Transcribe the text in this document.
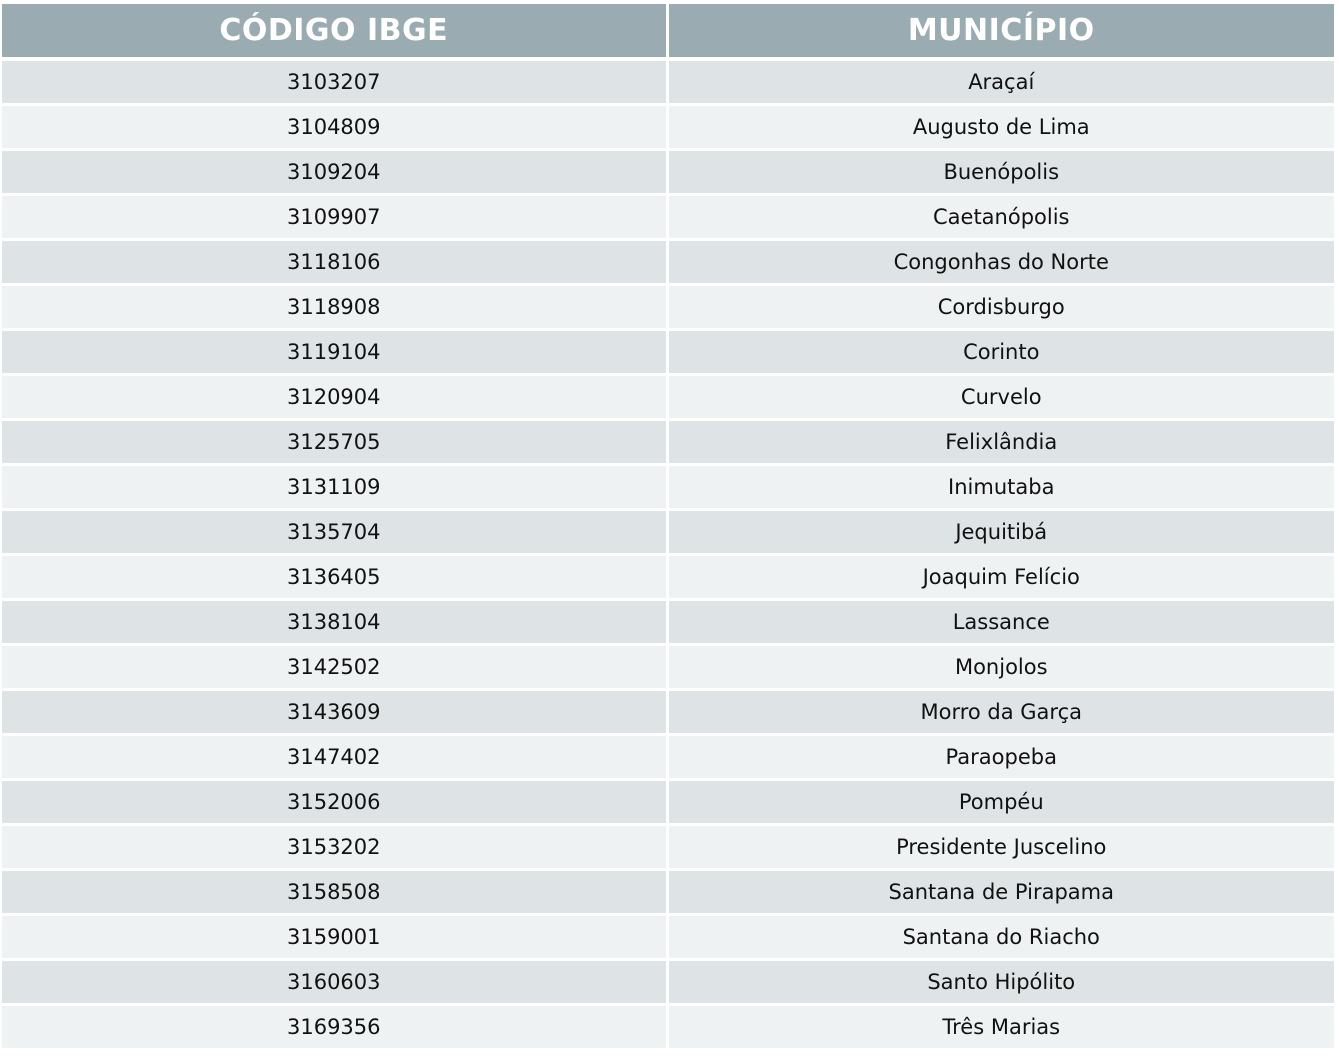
CÓDIGO IBGE	MUNICÍPIO
3103207	Araçaí
3104809	Augusto de Lima
3109204	Buenópolis
3109907	Caetanópolis
3118106	Congonhas do Norte
3118908	Cordisburgo
3119104	Corinto
3120904	Curvelo
3125705	Felixlândia
3131109	Inimutaba
3135704	Jequitibá
3136405	Joaquim Felício
3138104	Lassance
3142502	Monjolos
3143609	Morro da Garça
3147402	Paraopeba
3152006	Pompéu
3153202	Presidente Juscelino
3158508	Santana de Pirapama
3159001	Santana do Riacho
3160603	Santo Hipólito
3169356	Três Marias
